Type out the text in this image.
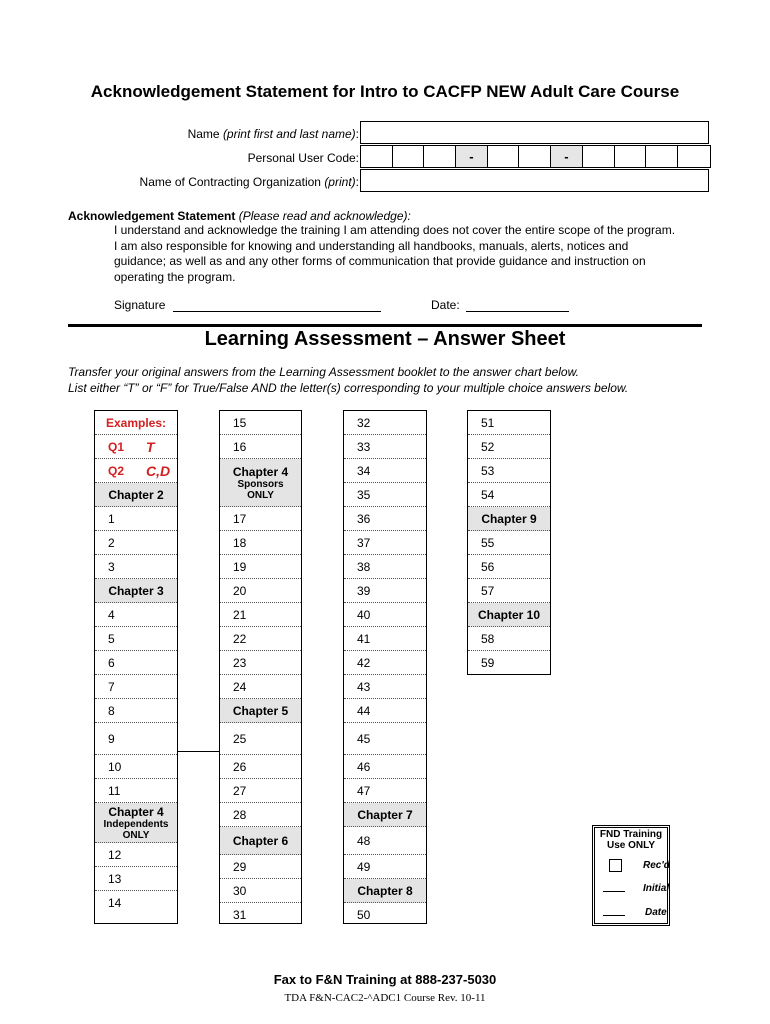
Acknowledgement Statement for Intro to CACFP NEW Adult Care Course
Name (print first and last name):
Personal User Code:	-	-
Name of Contracting Organization (print):
Acknowledgement Statement (Please read and acknowledge):
I understand and acknowledge the training I am attending does not cover the entire scope of the program.
I am also responsible for knowing and understanding all handbooks, manuals, alerts, notices and
guidance; as well as and any other forms of communication that provide guidance and instruction on
operating the program.
Signature	Date:
Learning Assessment – Answer Sheet
Transfer your original answers from the Learning Assessment booklet to the answer chart below.
List either “T” or “F” for True/False AND the letter(s) corresponding to your multiple choice answers below.
Examples:
Q1 T
Q2 C,D
Chapter 2
1
2
3
Chapter 3
4
5
6
7
8
9
10
11
Chapter 4
Independents
ONLY
12
13
14
15
16
Chapter 4
Sponsors
ONLY
17
18
19
20
21
22
23
24
Chapter 5
25
26
27
28
Chapter 6
29
30
31
32
33
34
35
36
37
38
39
40
41
42
43
44
45
46
47
Chapter 7
48
49
Chapter 8
50
51
52
53
54
Chapter 9
55
56
57
Chapter 10
58
59
FND Training
Use ONLY
Rec'd
Initial
Date
Fax to F&N Training at 888-237-5030
TDA F&N-CAC2-^ADC1 Course Rev. 10-11
